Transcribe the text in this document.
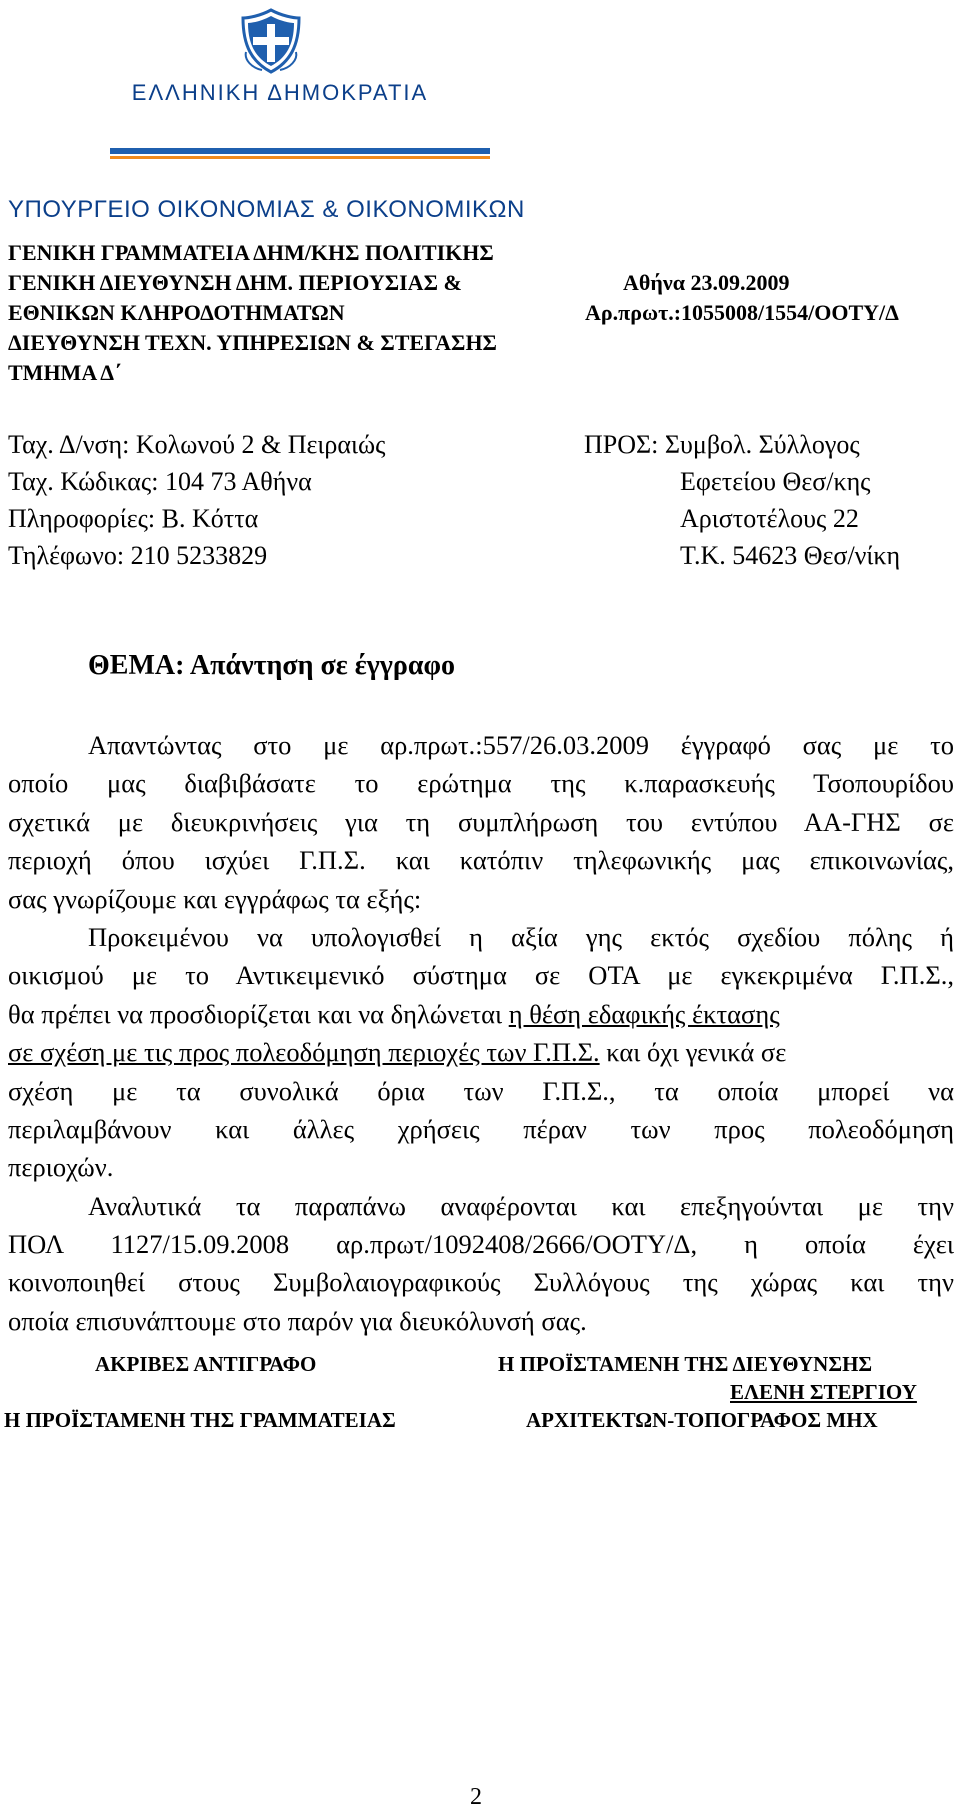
ΕΛΛΗΝΙΚΗ ΔΗΜΟΚΡΑΤΙΑ
ΥΠΟΥΡΓΕΙΟ ΟΙΚΟΝΟΜΙΑΣ & ΟΙΚΟΝΟΜΙΚΩΝ
ΓΕΝΙΚΗ ΓΡΑΜΜΑΤΕΙΑ ΔΗΜ/ΚΗΣ ΠΟΛΙΤΙΚΗΣ
ΓΕΝΙΚΗ ΔΙΕΥΘΥΝΣΗ ΔΗΜ. ΠΕΡΙΟΥΣΙΑΣ &	Αθήνα 23.09.2009
ΕΘΝΙΚΩΝ ΚΛΗΡΟΔΟΤΗΜΑΤΩΝ	Αρ.πρωτ.:1055008/1554/ΟΟΤΥ/Δ
ΔΙΕΥΘΥΝΣΗ ΤΕΧΝ. ΥΠΗΡΕΣΙΩΝ & ΣΤΕΓΑΣΗΣ
ΤΜΗΜΑ Δ΄
Ταχ. Δ/νση: Κολωνού 2 & Πειραιώς
Ταχ. Κώδικας: 104 73 Αθήνα
Πληροφορίες: Β. Κόττα
Τηλέφωνο: 210 5233829
ΠΡΟΣ: Συμβολ. Σύλλογος
Εφετείου Θεσ/κης
Αριστοτέλους 22
Τ.Κ. 54623 Θεσ/νίκη
ΘΕΜΑ: Απάντηση σε έγγραφο
Απαντώντας στο με αρ.πρωτ.:557/26.03.2009 έγγραφό σας με το
οποίο μας διαβιβάσατε το ερώτημα της κ.παρασκευής Τσοπουρίδου
σχετικά με διευκρινήσεις για τη συμπλήρωση του εντύπου ΑΑ-ΓΗΣ σε
περιοχή όπου ισχύει Γ.Π.Σ. και κατόπιν τηλεφωνικής μας επικοινωνίας,
σας γνωρίζουμε και εγγράφως τα εξής:
Προκειμένου να υπολογισθεί η αξία γης εκτός σχεδίου πόλης ή
οικισμού με το Αντικειμενικό σύστημα σε ΟΤΑ με εγκεκριμένα Γ.Π.Σ.,
θα πρέπει να προσδιορίζεται και να δηλώνεται η θέση εδαφικής έκτασης
σε σχέση με τις προς πολεοδόμηση περιοχές των Γ.Π.Σ. και όχι γενικά σε
σχέση με τα συνολικά όρια των Γ.Π.Σ., τα οποία μπορεί να
περιλαμβάνουν και άλλες χρήσεις πέραν των προς πολεοδόμηση
περιοχών.
Αναλυτικά τα παραπάνω αναφέρονται και επεξηγούνται με την
ΠΟΛ 1127/15.09.2008 αρ.πρωτ/1092408/2666/ΟΟΤΥ/Δ, η οποία έχει
κοινοποιηθεί στους Συμβολαιογραφικούς Συλλόγους της χώρας και την
οποία επισυνάπτουμε στο παρόν για διευκόλυνσή σας.
ΑΚΡΙΒΕΣ ΑΝΤΙΓΡΑΦΟ	Η ΠΡΟΪΣΤΑΜΕΝΗ ΤΗΣ ΔΙΕΥΘΥΝΣΗΣ
ΕΛΕΝΗ ΣΤΕΡΓΙΟΥ
Η ΠΡΟΪΣΤΑΜΕΝΗ ΤΗΣ ΓΡΑΜΜΑΤΕΙΑΣ	ΑΡΧΙΤΕΚΤΩΝ-ΤΟΠΟΓΡΑΦΟΣ ΜΗΧ
2
